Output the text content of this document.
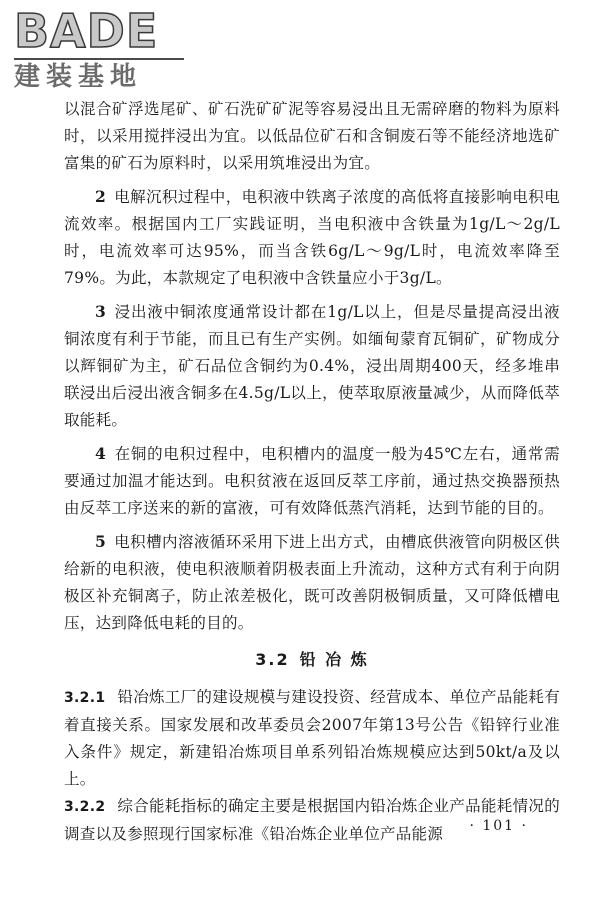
BADE
建装基地

以混合矿浮选尾矿、矿石洗矿矿泥等容易浸出且无需碎磨的物料为原料时，以采用搅拌浸出为宜。以低品位矿石和含铜废石等不能经济地选矿富集的矿石为原料时，以采用筑堆浸出为宜。

2 电解沉积过程中，电积液中铁离子浓度的高低将直接影响电积电流效率。根据国内工厂实践证明，当电积液中含铁量为1g/L～2g/L时，电流效率可达95%，而当含铁6g/L～9g/L时，电流效率降至79%。为此，本款规定了电积液中含铁量应小于3g/L。

3 浸出液中铜浓度通常设计都在1g/L以上，但是尽量提高浸出液铜浓度有利于节能，而且已有生产实例。如缅甸蒙育瓦铜矿，矿物成分以辉铜矿为主，矿石品位含铜约为0.4%，浸出周期400天，经多堆串联浸出后浸出液含铜多在4.5g/L以上，使萃取原液量减少，从而降低萃取能耗。

4 在铜的电积过程中，电积槽内的温度一般为45℃左右，通常需要通过加温才能达到。电积贫液在返回反萃工序前，通过热交换器预热由反萃工序送来的新的富液，可有效降低蒸汽消耗，达到节能的目的。

5 电积槽内溶液循环采用下进上出方式，由槽底供液管向阴极区供给新的电积液，使电积液顺着阴极表面上升流动，这种方式有利于向阴极区补充铜离子，防止浓差极化，既可改善阴极铜质量，又可降低槽电压，达到降低电耗的目的。

3.2 铅 冶 炼

3.2.1 铅冶炼工厂的建设规模与建设投资、经营成本、单位产品能耗有着直接关系。国家发展和改革委员会2007年第13号公告《铅锌行业准入条件》规定，新建铅冶炼项目单系列铅冶炼规模应达到50kt/a及以上。

3.2.2 综合能耗指标的确定主要是根据国内铅冶炼企业产品能耗情况的调查以及参照现行国家标准《铅冶炼企业单位产品能源	· 101 ·
